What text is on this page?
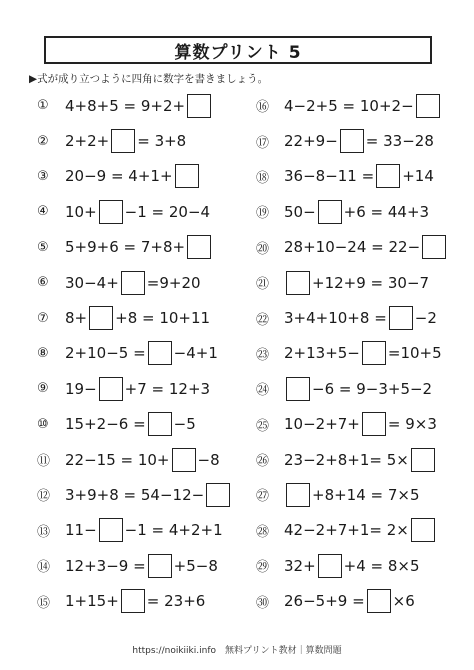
算数プリント 5
▶式が成り立つように四角に数字を書きましょう。
①	4+8+5 = 9+2+
②	2+2+ = 3+8
③	20−9 = 4+1+
④	10+ −1 = 20−4
⑤	5+9+6 = 7+8+
⑥	30−4+ =9+20
⑦	8+ +8 = 10+11
⑧	2+10−5 = −4+1
⑨	19− +7 = 12+3
⑩	15+2−6 = −5
⑪ 22−15 = 10+ −8
⑫ 3+9+8 = 54−12−
⑬ 11− −1 = 4+2+1
⑭ 12+3−9 = +5−8
⑮ 1+15+ = 23+6
⑯ 4−2+5 = 10+2−
⑰ 22+9− = 33−28
⑱ 36−8−11 = +14
⑲ 50− +6 = 44+3
⑳ 28+10−24 = 22−
㉑	+12+9 = 30−7
㉒ 3+4+10+8 = −2
㉓ 2+13+5− =10+5
㉔	−6 = 9−3+5−2
㉕ 10−2+7+ = 9×3
㉖ 23−2+8+1= 5×
㉗	+8+14 = 7×5
㉘ 42−2+7+1= 2×
㉙ 32+ +4 = 8×5
㉚ 26−5+9 = ×6
https://noikiiki.info　無料プリント教材｜算数問題
